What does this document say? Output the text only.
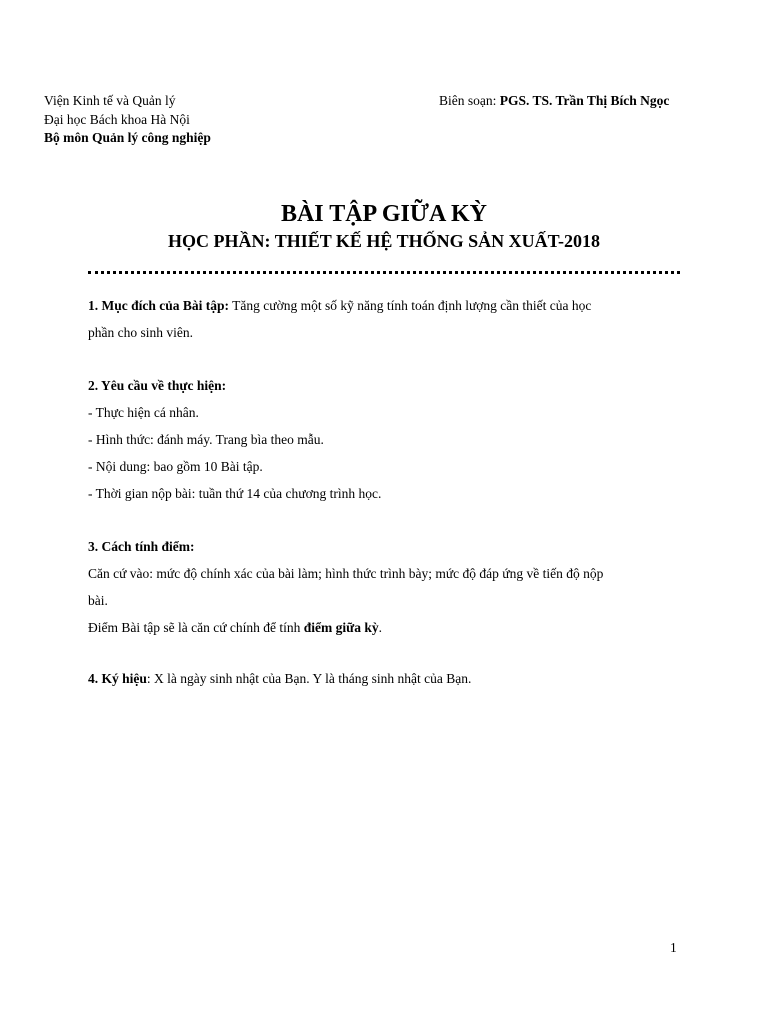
Viện Kinh tế và Quản lý
Đại học Bách khoa Hà Nội
Bộ môn Quản lý công nghiệp
Biên soạn: PGS. TS. Trần Thị Bích Ngọc
BÀI TẬP GIỮA KỲ
HỌC PHẦN: THIẾT KẾ HỆ THỐNG SẢN XUẤT-2018
1. Mục đích của Bài tập: Tăng cường một số kỹ năng tính toán định lượng cần thiết của học
phần cho sinh viên.
2. Yêu cầu về thực hiện:
- Thực hiện cá nhân.
- Hình thức: đánh máy. Trang bìa theo mẫu.
- Nội dung: bao gồm 10 Bài tập.
- Thời gian nộp bài: tuần thứ 14 của chương trình học.
3. Cách tính điểm:
Căn cứ vào: mức độ chính xác của bài làm; hình thức trình bày; mức độ đáp ứng về tiến độ nộp
bài.
Điểm Bài tập sẽ là căn cứ chính để tính điểm giữa kỳ.
4. Ký hiệu: X là ngày sinh nhật của Bạn. Y là tháng sinh nhật của Bạn.
1
